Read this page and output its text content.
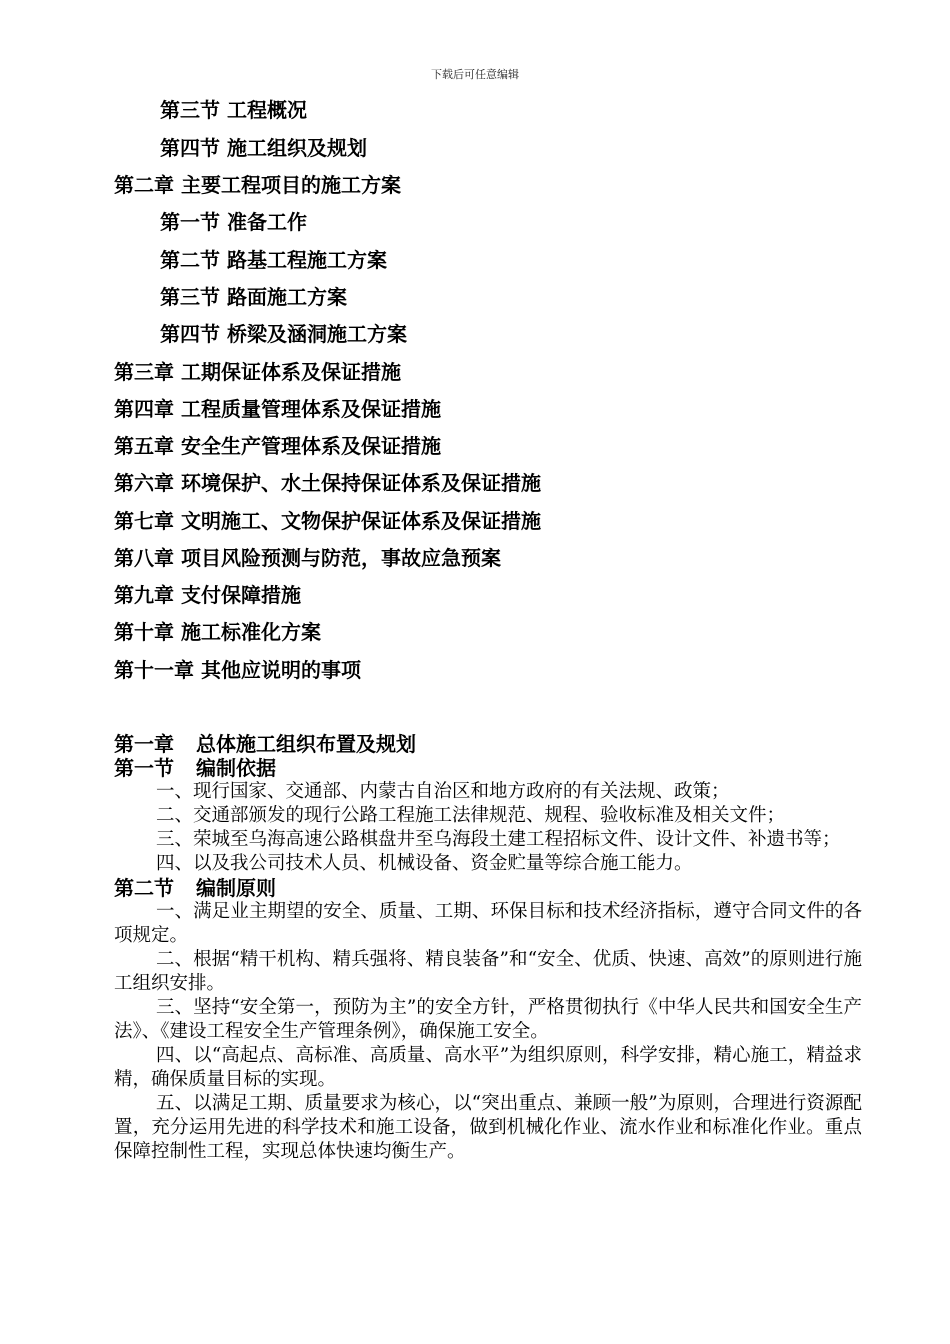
下载后可任意编辑
第三节 工程概况
第四节 施工组织及规划
第二章 主要工程项目的施工方案
第一节 准备工作
第二节 路基工程施工方案
第三节 路面施工方案
第四节 桥梁及涵洞施工方案
第三章 工期保证体系及保证措施
第四章 工程质量管理体系及保证措施
第五章 安全生产管理体系及保证措施
第六章 环境保护、水土保持保证体系及保证措施
第七章 文明施工、文物保护保证体系及保证措施
第八章 项目风险预测与防范，事故应急预案
第九章 支付保障措施
第十章 施工标准化方案
第十一章 其他应说明的事项
第一章 总体施工组织布置及规划
第一节 编制依据

一、现行国家、交通部、内蒙古自治区和地方政府的有关法规、政策；

二、交通部颁发的现行公路工程施工法律规范、规程、验收标准及相关文件；

三、荣城至乌海高速公路棋盘井至乌海段土建工程招标文件、设计文件、补遗书等；

四、以及我公司技术人员、机械设备、资金贮量等综合施工能力。

第二节 编制原则

一、满足业主期望的安全、质量、工期、环保目标和技术经济指标，遵守合同文件的各项规定。

二、根据“精干机构、精兵强将、精良装备”和“安全、优质、快速、高效”的原则进行施工组织安排。

三、坚持“安全第一，预防为主”的安全方针，严格贯彻执行《中华人民共和国安全生产法》、《建设工程安全生产管理条例》，确保施工安全。

四、以“高起点、高标准、高质量、高水平”为组织原则，科学安排，精心施工，精益求精，确保质量目标的实现。

五、以满足工期、质量要求为核心，以“突出重点、兼顾一般”为原则，合理进行资源配置，充分运用先进的科学技术和施工设备，做到机械化作业、流水作业和标准化作业。重点保障控制性工程，实现总体快速均衡生产。
